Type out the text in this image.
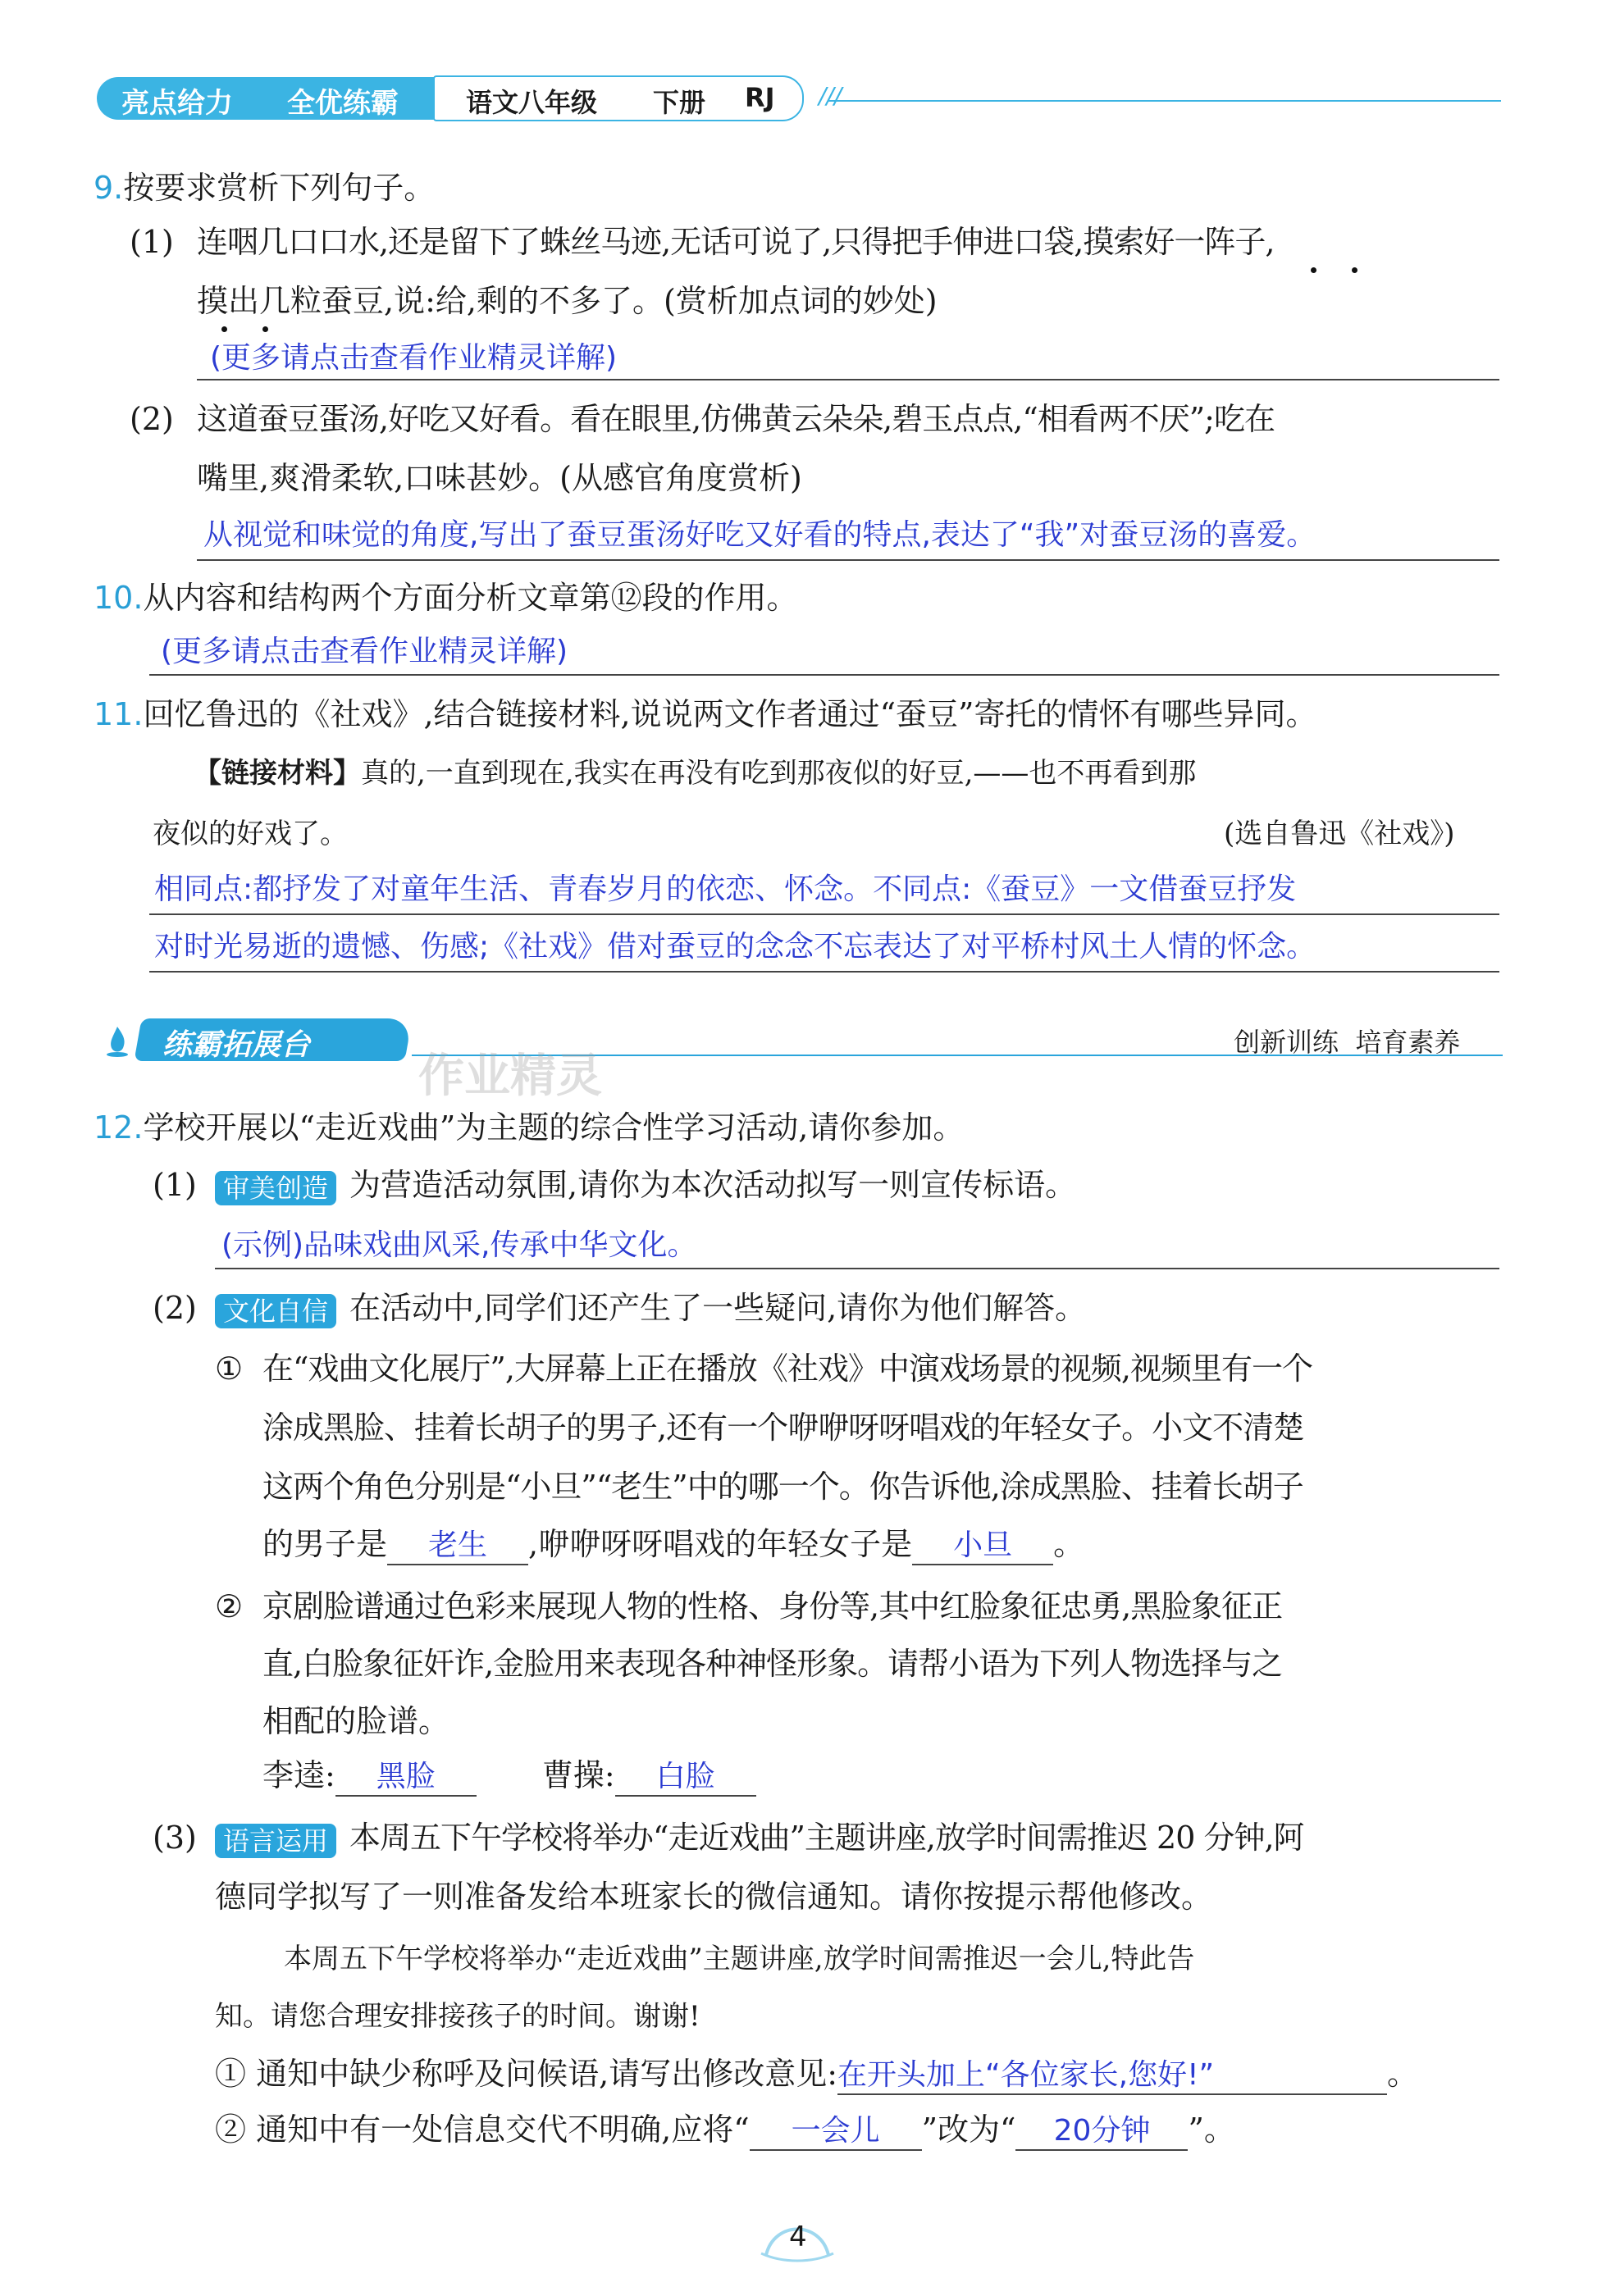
亮点给力 全优练霸	语文八年级 下册 RJ ///
9.按要求赏析下列句子。
(1) 连咽几口口水,还是留下了蛛丝马迹,无话可说了,只得把手伸进口袋,摸索好一阵子,
摸出几粒蚕豆,说:给,剩的不多了。(赏析加点词的妙处)
(更多请点击查看作业精灵详解)
(2) 这道蚕豆蛋汤,好吃又好看。看在眼里,仿佛黄云朵朵,碧玉点点,“相看两不厌”;吃在
嘴里,爽滑柔软,口味甚妙。(从感官角度赏析)
从视觉和味觉的角度,写出了蚕豆蛋汤好吃又好看的特点,表达了“我”对蚕豆汤的喜爱。
10.从内容和结构两个方面分析文章第⑫段的作用。
(更多请点击查看作业精灵详解)
11.回忆鲁迅的《社戏》,结合链接材料,说说两文作者通过“蚕豆”寄托的情怀有哪些异同。
【链接材料】真的,一直到现在,我实在再没有吃到那夜似的好豆,——也不再看到那
夜似的好戏了。	(选自鲁迅《社戏》)
相同点:都抒发了对童年生活、青春岁月的依恋、怀念。不同点:《蚕豆》一文借蚕豆抒发
对时光易逝的遗憾、伤感;《社戏》借对蚕豆的念念不忘表达了对平桥村风土人情的怀念。
练霸拓展台	创新训练  培育素养
作业精灵
12.学校开展以“走近戏曲”为主题的综合性学习活动,请你参加。
(1)	审美创造 为营造活动氛围,请你为本次活动拟写一则宣传标语。
(示例)品味戏曲风采,传承中华文化。
(2)	文化自信 在活动中,同学们还产生了一些疑问,请你为他们解答。
① 在“戏曲文化展厅”,大屏幕上正在播放《社戏》中演戏场景的视频,视频里有一个
涂成黑脸、挂着长胡子的男子,还有一个咿咿呀呀唱戏的年轻女子。小文不清楚
这两个角色分别是“小旦”“老生”中的哪一个。你告诉他,涂成黑脸、挂着长胡子
的男子是 老生 ,咿咿呀呀唱戏的年轻女子是 小旦 。
② 京剧脸谱通过色彩来展现人物的性格、身份等,其中红脸象征忠勇,黑脸象征正
直,白脸象征奸诈,金脸用来表现各种神怪形象。请帮小语为下列人物选择与之
相配的脸谱。
李逵: 黑脸	曹操: 白脸
(3)	语言运用 本周五下午学校将举办“走近戏曲”主题讲座,放学时间需推迟 20 分钟,阿
德同学拟写了一则准备发给本班家长的微信通知。请你按提示帮他修改。
本周五下午学校将举办“走近戏曲”主题讲座,放学时间需推迟一会儿,特此告
知。请您合理安排接孩子的时间。谢谢!
① 通知中缺少称呼及问候语,请写出修改意见:在开头加上“各位家长,您好!”	。
② 通知中有一处信息交代不明确,应将“ 一会儿 ”改为“ 20分钟 ”。
4
